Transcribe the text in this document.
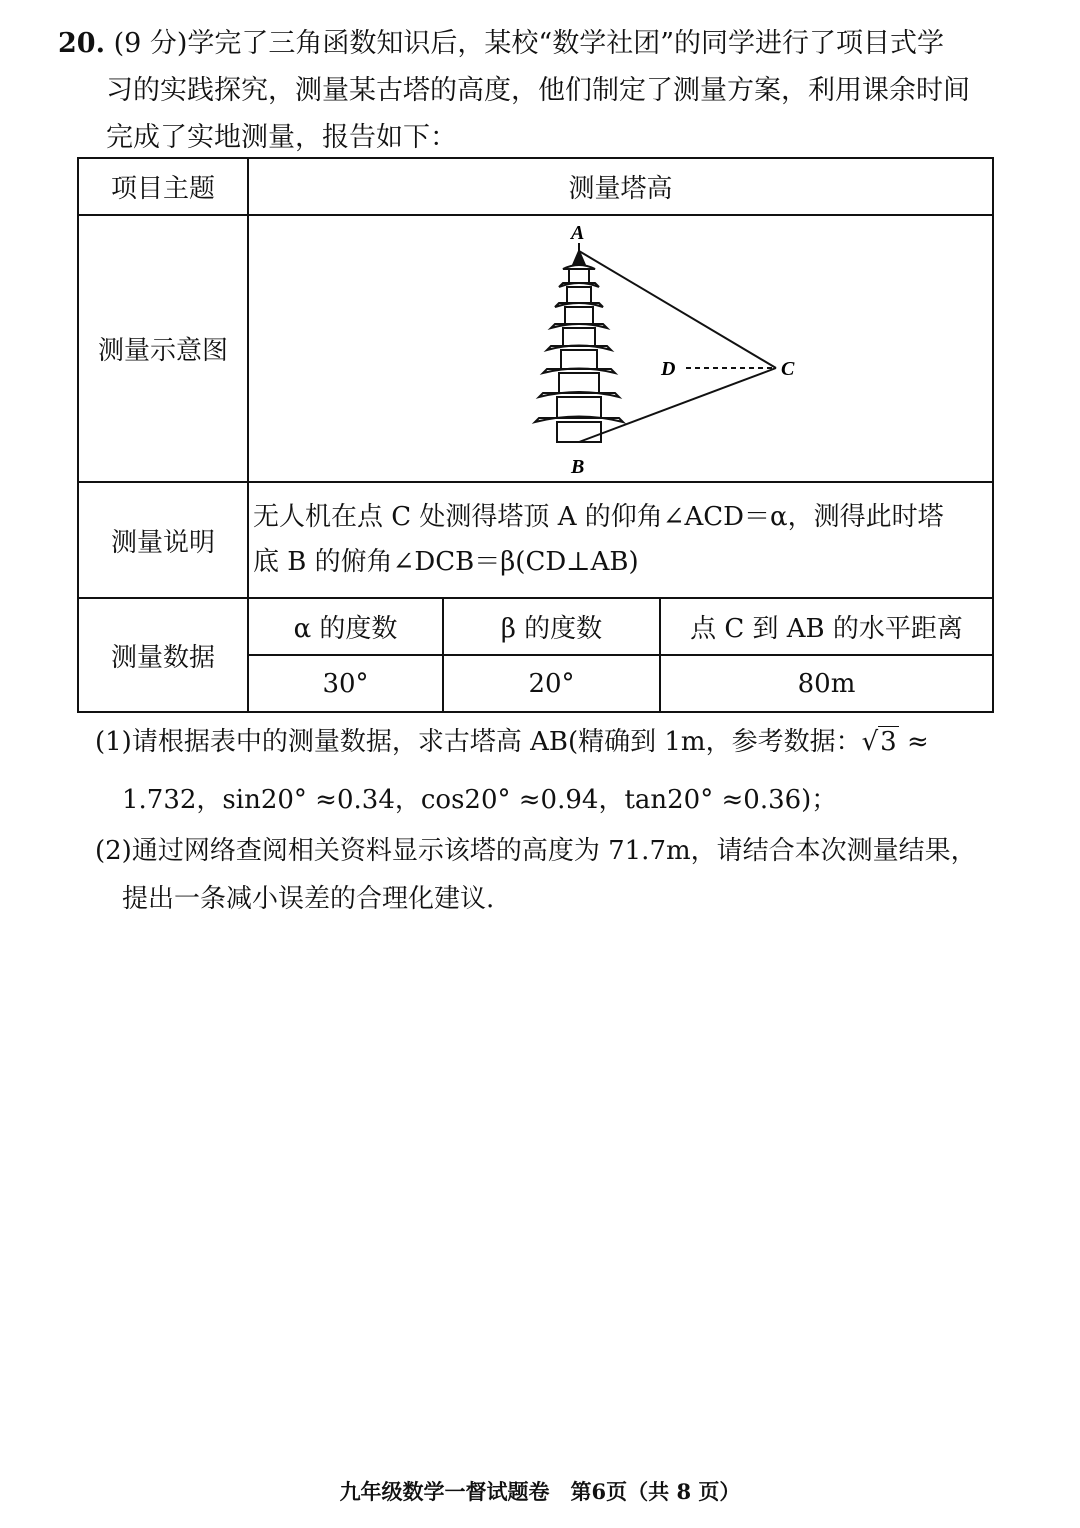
20. (9 分)学完了三角函数知识后，某校“数学社团”的同学进行了项目式学
习的实践探究，测量某古塔的高度，他们制定了测量方案，利用课余时间
完成了实地测量，报告如下：
项目主题	测量塔高		
测量示意图	A
B
D C		

测量说明	无人机在点 C 处测得塔顶 A 的仰角∠ACD＝α，测得此时塔
底 B 的俯角∠DCB＝β(CD⊥AB)		

测量数据	α 的度数	β 的度数	点 C 到 AB 的水平距离
	30°	20°	80m
(1)请根据表中的测量数据，求古塔高 AB(精确到 1m，参考数据：√3 ≈
1.732，sin20° ≈0.34，cos20° ≈0.94，tan20° ≈0.36)；
(2)通过网络查阅相关资料显示该塔的高度为 71.7m，请结合本次测量结果，
提出一条减小误差的合理化建议.
九年级数学一督试题卷　第6页（共 8 页）
